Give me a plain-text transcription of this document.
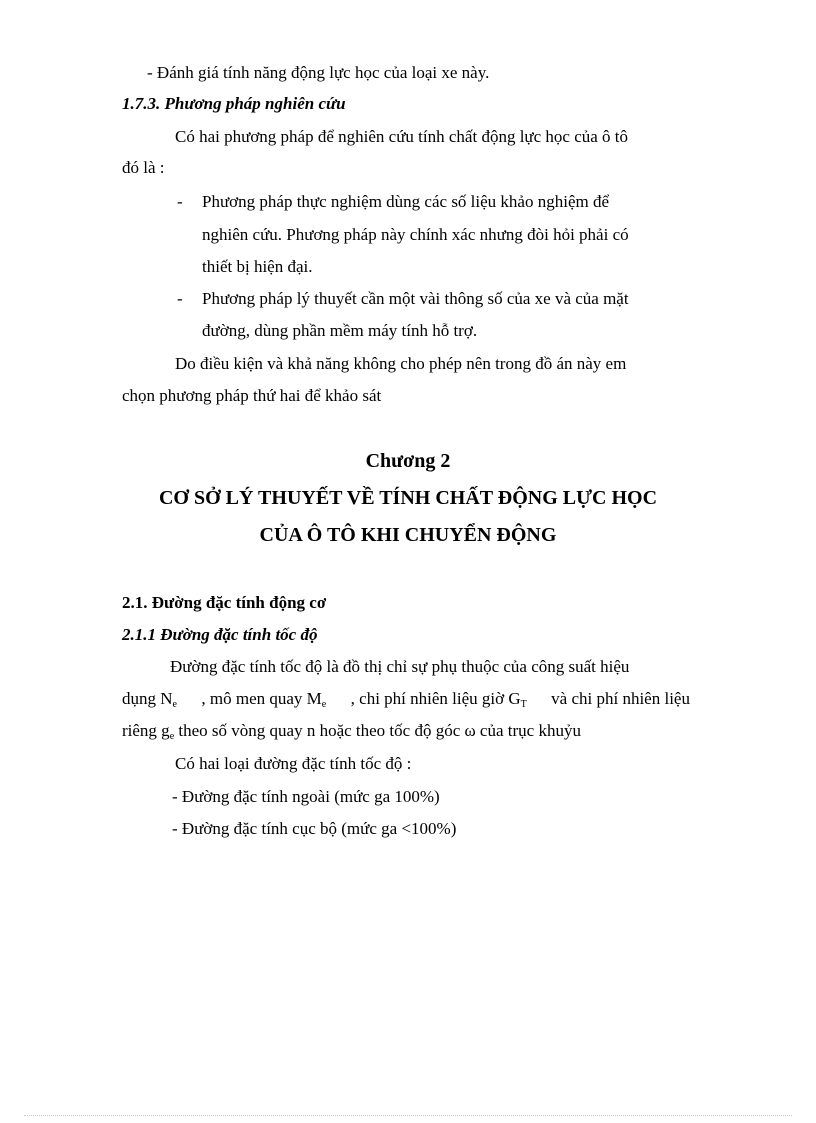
- Đánh giá tính năng động lực học của loại xe này.
1.7.3. Phương pháp nghiên cứu
Có hai phương pháp để nghiên cứu tính chất động lực học của ô tô
đó là :
- Phương pháp thực nghiệm dùng các số liệu khảo nghiệm để
nghiên cứu. Phương pháp này chính xác nhưng đòi hỏi phải có
thiết bị hiện đại.
- Phương pháp lý thuyết cần một vài thông số của xe và của mặt
đường, dùng phần mềm máy tính hỗ trợ.
Do điều kiện và khả năng không cho phép nên trong đồ án này em
chọn phương pháp thứ hai để khảo sát
Chương 2
CƠ SỞ LÝ THUYẾT VỀ TÍNH CHẤT ĐỘNG LỰC HỌC
CỦA Ô TÔ KHI CHUYỂN ĐỘNG
2.1. Đường đặc tính động cơ
2.1.1 Đường đặc tính tốc độ
Đường đặc tính tốc độ là đồ thị chỉ sự phụ thuộc của công suất hiệu
dụng $N_e$ , mô men quay $M_e$ , chi phí nhiên liệu giờ $G_T$ và chi phí nhiên liệu
riêng $g_e$ theo số vòng quay n hoặc theo tốc độ góc ω của trục khuỷu
Có hai loại đường đặc tính tốc độ :
- Đường đặc tính ngoài (mức ga 100%)
- Đường đặc tính cục bộ (mức ga <100%)
